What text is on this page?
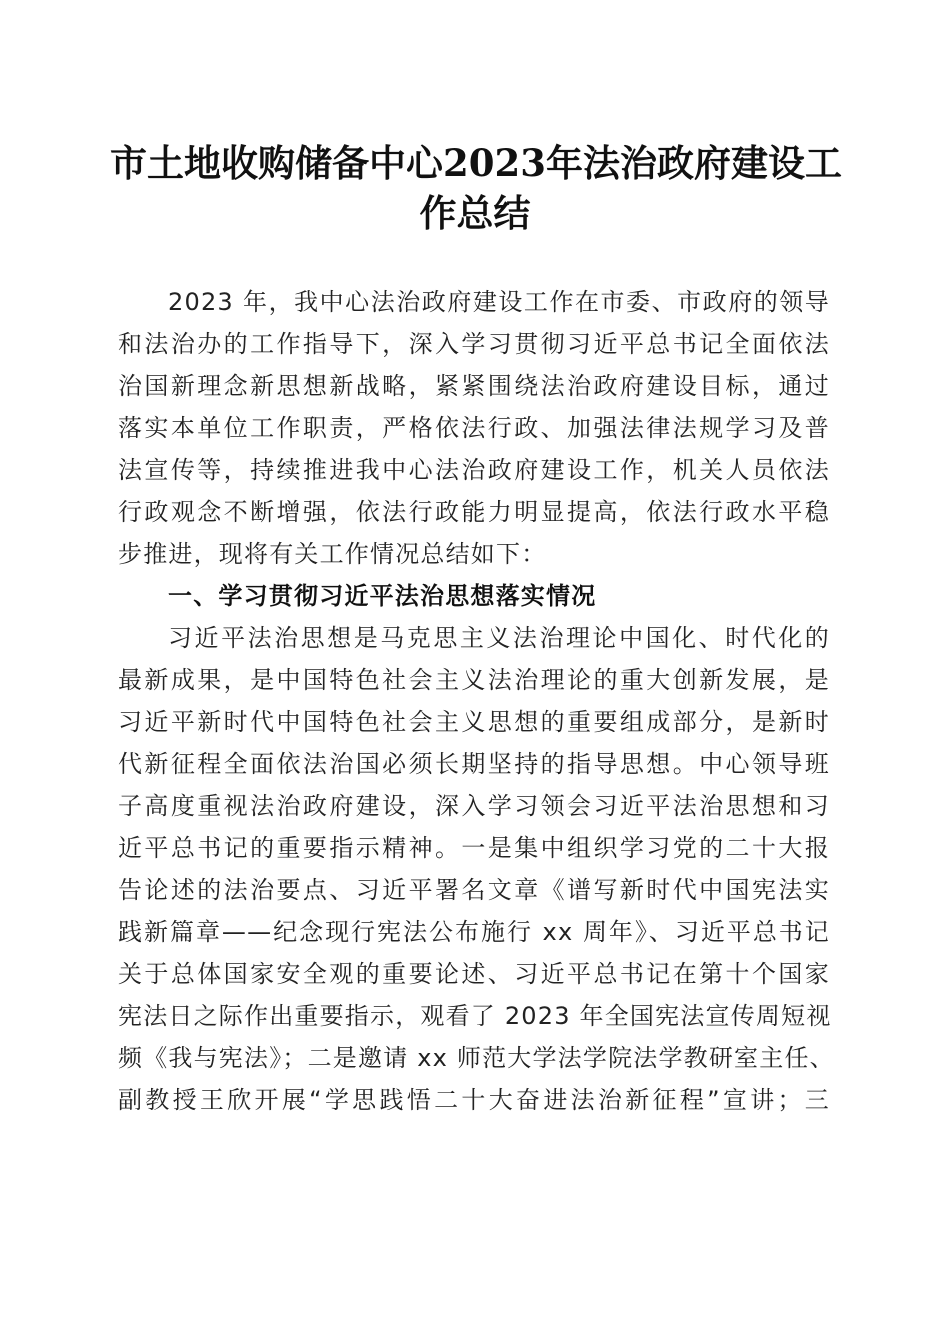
市土地收购储备中心2023年法治政府建设工
作总结
2023 年，我中心法治政府建设工作在市委、市政府的领导
和法治办的工作指导下，深入学习贯彻习近平总书记全面依法
治国新理念新思想新战略，紧紧围绕法治政府建设目标，通过
落实本单位工作职责，严格依法行政、加强法律法规学习及普
法宣传等，持续推进我中心法治政府建设工作，机关人员依法
行政观念不断增强，依法行政能力明显提高，依法行政水平稳
步推进，现将有关工作情况总结如下：
一、学习贯彻习近平法治思想落实情况
习近平法治思想是马克思主义法治理论中国化、时代化的
最新成果，是中国特色社会主义法治理论的重大创新发展，是
习近平新时代中国特色社会主义思想的重要组成部分，是新时
代新征程全面依法治国必须长期坚持的指导思想。中心领导班
子高度重视法治政府建设，深入学习领会习近平法治思想和习
近平总书记的重要指示精神。一是集中组织学习党的二十大报
告论述的法治要点、习近平署名文章《谱写新时代中国宪法实
践新篇章——纪念现行宪法公布施行 xx 周年》、习近平总书记
关于总体国家安全观的重要论述、习近平总书记在第十个国家
宪法日之际作出重要指示，观看了 2023 年全国宪法宣传周短视
频《我与宪法》；二是邀请 xx 师范大学法学院法学教研室主任、
副教授王欣开展“学思践悟二十大奋进法治新征程”宣讲；三
